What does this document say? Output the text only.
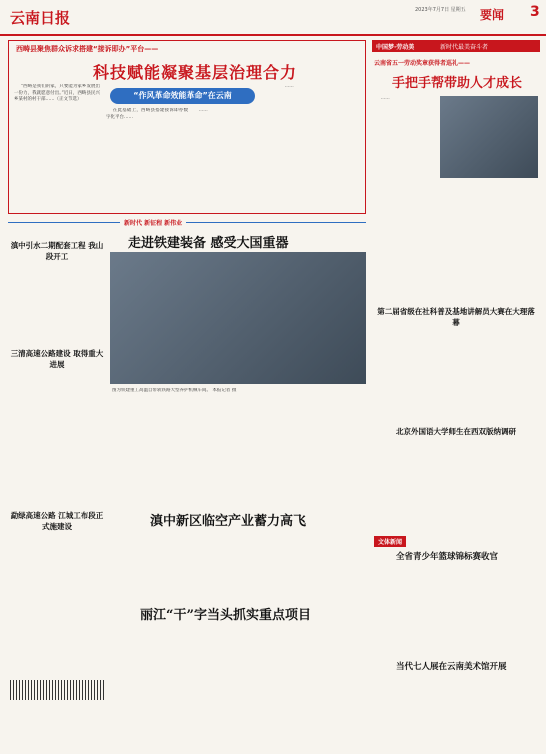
云南日报	2023年7月7日 星期五	要闻 3
西畴县聚焦群众诉求搭建“接诉即办”平台——
科技赋能凝聚基层治理合力

“西畴是我们的家，只要能为家乡发展出一份力，我就愿意付出。”近日，西畴县民兴乡某村的村干部……（正文节选）	“作风革命效能革命”在云南

在此基础上，西畴县搭建接诉即办数字化平台……

……

……

中国梦·劳动美	新时代最美奋斗者
云南省五一劳动奖章获得者巡礼——
手把手帮带助人才成长

……

新时代 新征程 新伟业
走进铁建装备 感受大国重器
图为铁建重工高温自带轨铁路大型养护机械车间。 本报记者 摄
滇中引水二期配套工程 我山段开工
三清高速公路建设 取得重大进展
勐绿高速公路 江城工布段正式施建设	滇中新区临空产业蓄力高飞
丽江“干”字当头抓实重点项目
第二届省级在社科普及基地讲解员大赛在大理落幕
北京外国语大学师生在西双版纳调研
文体新闻
全省青少年篮球锦标赛收官
当代七人展在云南美术馆开展
